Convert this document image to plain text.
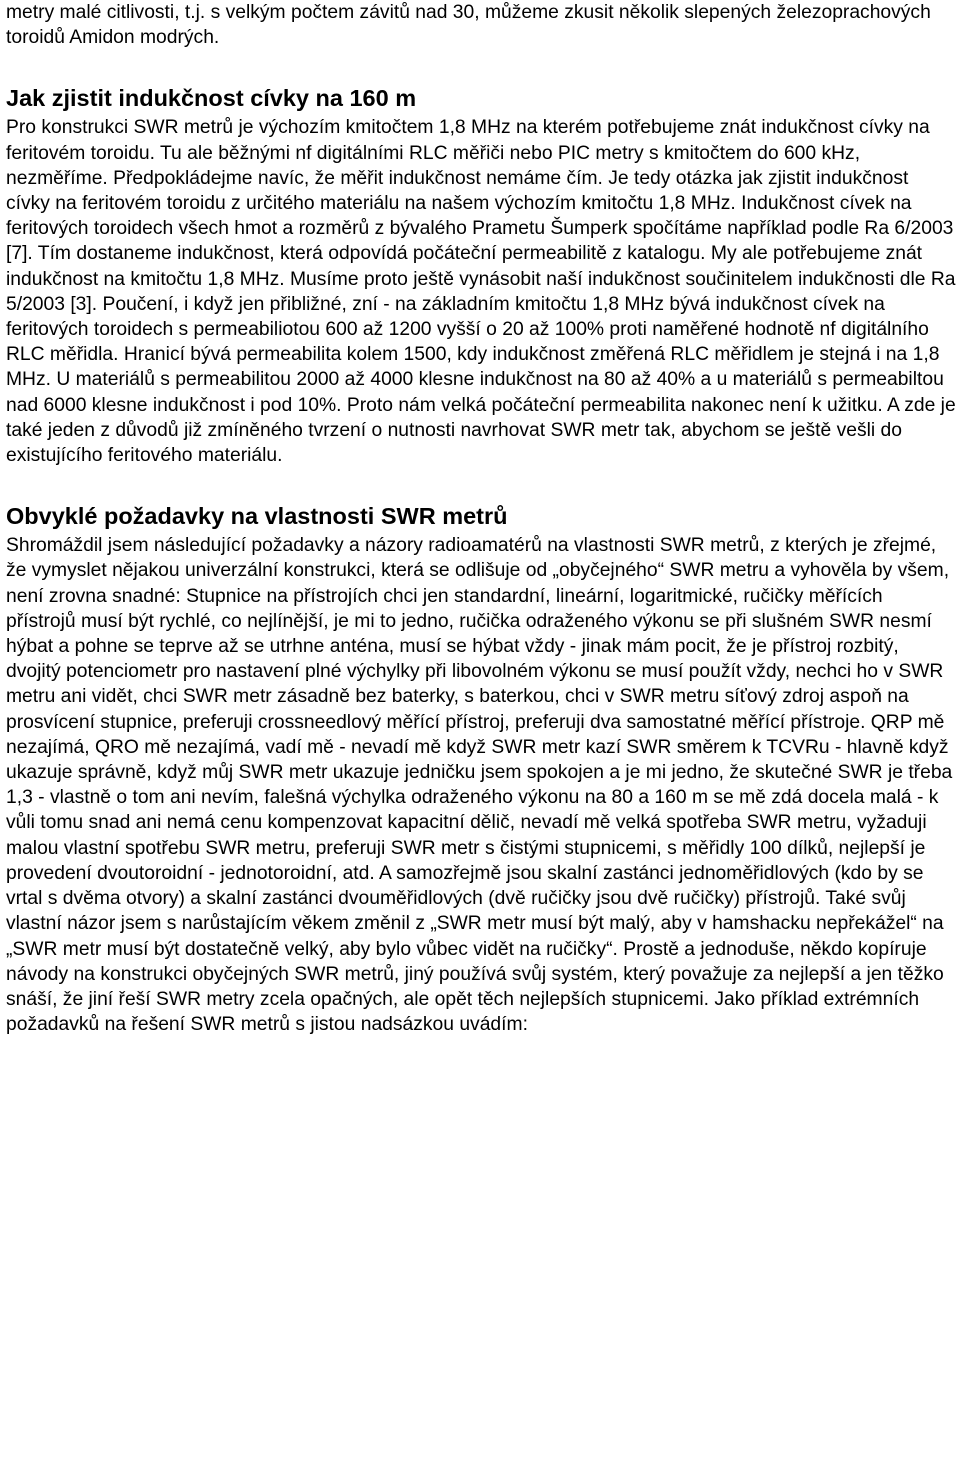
metry malé citlivosti, t.j. s velkým počtem závitů nad 30, můžeme zkusit několik slepených železoprachových toroidů Amidon modrých.

Jak zjistit indukčnost cívky na 160 m

Pro konstrukci SWR metrů je výchozím kmitočtem 1,8 MHz na kterém potřebujeme znát indukčnost cívky na feritovém toroidu. Tu ale běžnými nf digitálními RLC měřiči nebo PIC metry s kmitočtem do 600 kHz, nezměříme. Předpokládejme navíc, že měřit indukčnost nemáme čím. Je tedy otázka jak zjistit indukčnost cívky na feritovém toroidu z určitého materiálu na našem výchozím kmitočtu 1,8 MHz. Indukčnost cívek na feritových toroidech všech hmot a rozměrů z bývalého Prametu Šumperk spočítáme například podle Ra 6/2003 [7]. Tím dostaneme indukčnost, která odpovídá počáteční permeabilitě z katalogu. My ale potřebujeme znát indukčnost na kmitočtu 1,8 MHz. Musíme proto ještě vynásobit naší indukčnost součinitelem indukčnosti dle Ra 5/2003 [3]. Poučení, i když jen přibližné, zní - na základním kmitočtu 1,8 MHz bývá indukčnost cívek na feritových toroidech s permeabiliotou 600 až 1200 vyšší o 20 až 100% proti naměřené hodnotě nf digitálního RLC měřidla. Hranicí bývá permeabilita kolem 1500, kdy indukčnost změřená RLC měřidlem je stejná i na 1,8 MHz. U materiálů s permeabilitou 2000 až 4000 klesne indukčnost na 80 až 40% a u materiálů s permeabiltou nad 6000 klesne indukčnost i pod 10%. Proto nám velká počáteční permeabilita nakonec není k užitku. A zde je také jeden z důvodů již zmíněného tvrzení o nutnosti navrhovat SWR metr tak, abychom se ještě vešli do existujícího feritového materiálu.

Obvyklé požadavky na vlastnosti SWR metrů

Shromáždil jsem následující požadavky a názory radioamatérů na vlastnosti SWR metrů, z kterých je zřejmé, že vymyslet nějakou univerzální konstrukci, která se odlišuje od „obyčejného“ SWR metru a vyhověla by všem, není zrovna snadné: Stupnice na přístrojích chci jen standardní, lineární, logaritmické, ručičky měřících přístrojů musí být rychlé, co nejlínější, je mi to jedno, ručička odraženého výkonu se při slušném SWR nesmí hýbat a pohne se teprve až se utrhne anténa, musí se hýbat vždy - jinak mám pocit, že je přístroj rozbitý, dvojitý potenciometr pro nastavení plné výchylky při libovolném výkonu se musí použít vždy, nechci ho v SWR metru ani vidět, chci SWR metr zásadně bez baterky, s baterkou, chci v SWR metru síťový zdroj aspoň na prosvícení stupnice, preferuji crossneedlový měřící přístroj, preferuji dva samostatné měřící přístroje. QRP mě nezajímá, QRO mě nezajímá, vadí mě - nevadí mě když SWR metr kazí SWR směrem k TCVRu - hlavně když ukazuje správně, když můj SWR metr ukazuje jedničku jsem spokojen a je mi jedno, že skutečné SWR je třeba 1,3 - vlastně o tom ani nevím, falešná výchylka odraženého výkonu na 80 a 160 m se mě zdá docela malá - k vůli tomu snad ani nemá cenu kompenzovat kapacitní dělič, nevadí mě velká spotřeba SWR metru, vyžaduji malou vlastní spotřebu SWR metru, preferuji SWR metr s čistými stupnicemi, s měřidly 100 dílků, nejlepší je provedení dvoutoroidní - jednotoroidní, atd. A samozřejmě jsou skalní zastánci jednoměřidlových (kdo by se vrtal s dvěma otvory) a skalní zastánci dvouměřidlových (dvě ručičky jsou dvě ručičky) přístrojů. Také svůj vlastní názor jsem s narůstajícím věkem změnil z „SWR metr musí být malý, aby v hamshacku nepřekážel“ na „SWR metr musí být dostatečně velký, aby bylo vůbec vidět na ručičky“. Prostě a jednoduše, někdo kopíruje návody na konstrukci obyčejných SWR metrů, jiný používá svůj systém, který považuje za nejlepší a jen těžko snáší, že jiní řeší SWR metry zcela opačných, ale opět těch nejlepších stupnicemi. Jako příklad extrémních požadavků na řešení SWR metrů s jistou nadsázkou uvádím:
